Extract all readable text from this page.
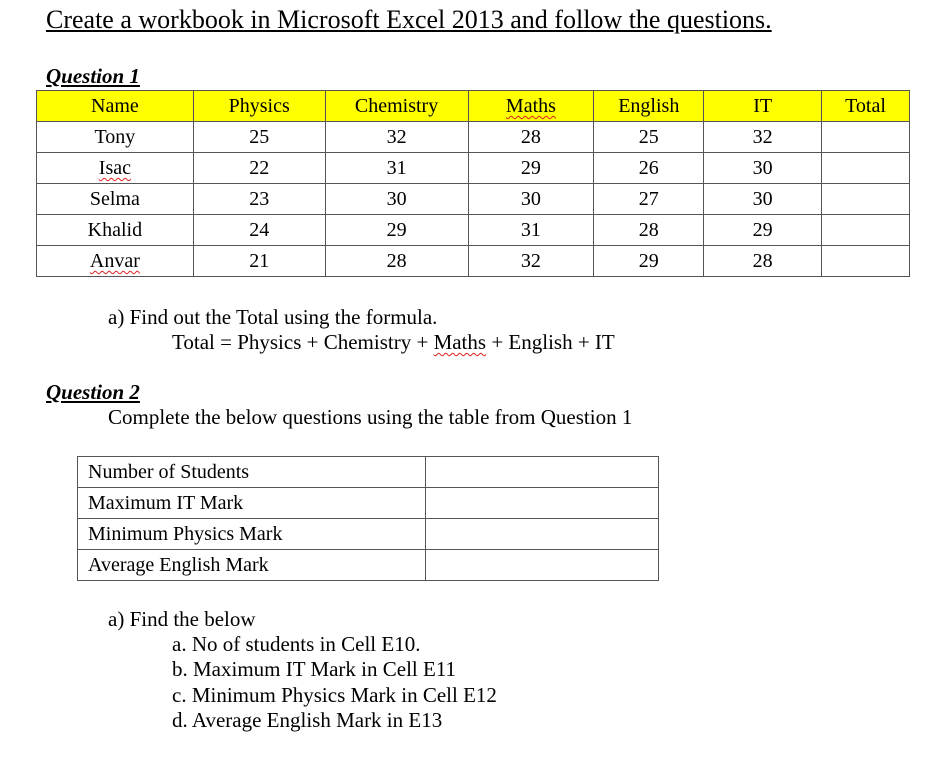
Create a workbook in Microsoft Excel 2013 and follow the questions.
Question 1
Name	Physics	Chemistry	Maths	English	IT	Total
Tony	25	32	28	25	32	
Isac	22	31	29	26	30	
Selma	23	30	30	27	30	
Khalid	24	29	31	28	29	
Anvar	21	28	32	29	28	
a) Find out the Total using the formula.
Total = Physics + Chemistry + Maths + English + IT
Question 2
Complete the below questions using the table from Question 1
Number of Students	
Maximum IT Mark	
Minimum Physics Mark	
Average English Mark	
a) Find the below
a. No of students in Cell E10.
b. Maximum IT Mark in Cell E11
c. Minimum Physics Mark in Cell E12
d. Average English Mark in E13
